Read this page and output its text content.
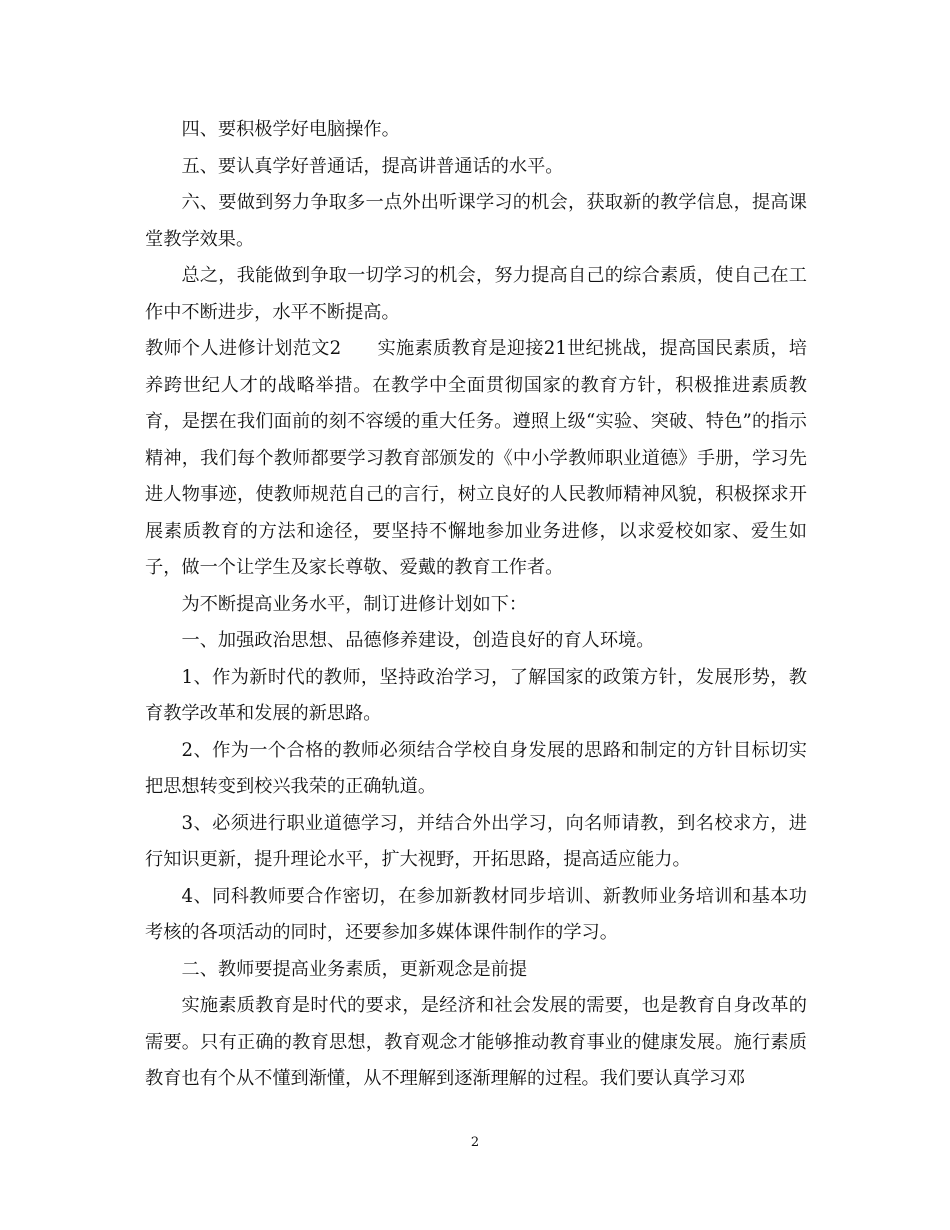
四、要积极学好电脑操作。

五、要认真学好普通话，提高讲普通话的水平。

六、要做到努力争取多一点外出听课学习的机会，获取新的教学信息，提高课堂教学效果。

总之，我能做到争取一切学习的机会，努力提高自己的综合素质，使自己在工作中不断进步，水平不断提高。

教师个人进修计划范文2 实施素质教育是迎接21世纪挑战，提高国民素质，培养跨世纪人才的战略举措。在教学中全面贯彻国家的教育方针，积极推进素质教育，是摆在我们面前的刻不容缓的重大任务。遵照上级“实验、突破、特色”的指示精神，我们每个教师都要学习教育部颁发的《中小学教师职业道德》手册，学习先进人物事迹，使教师规范自己的言行，树立良好的人民教师精神风貌，积极探求开展素质教育的方法和途径，要坚持不懈地参加业务进修，以求爱校如家、爱生如子，做一个让学生及家长尊敬、爱戴的教育工作者。

为不断提高业务水平，制订进修计划如下：

一、加强政治思想、品德修养建设，创造良好的育人环境。

1、作为新时代的教师，坚持政治学习，了解国家的政策方针，发展形势，教育教学改革和发展的新思路。

2、作为一个合格的教师必须结合学校自身发展的思路和制定的方针目标切实把思想转变到校兴我荣的正确轨道。

3、必须进行职业道德学习，并结合外出学习，向名师请教，到名校求方，进行知识更新，提升理论水平，扩大视野，开拓思路，提高适应能力。

4、同科教师要合作密切，在参加新教材同步培训、新教师业务培训和基本功考核的各项活动的同时，还要参加多媒体课件制作的学习。

二、教师要提高业务素质，更新观念是前提

实施素质教育是时代的要求，是经济和社会发展的需要，也是教育自身改革的需要。只有正确的教育思想，教育观念才能够推动教育事业的健康发展。施行素质教育也有个从不懂到渐懂，从不理解到逐渐理解的过程。我们要认真学习邓

2
